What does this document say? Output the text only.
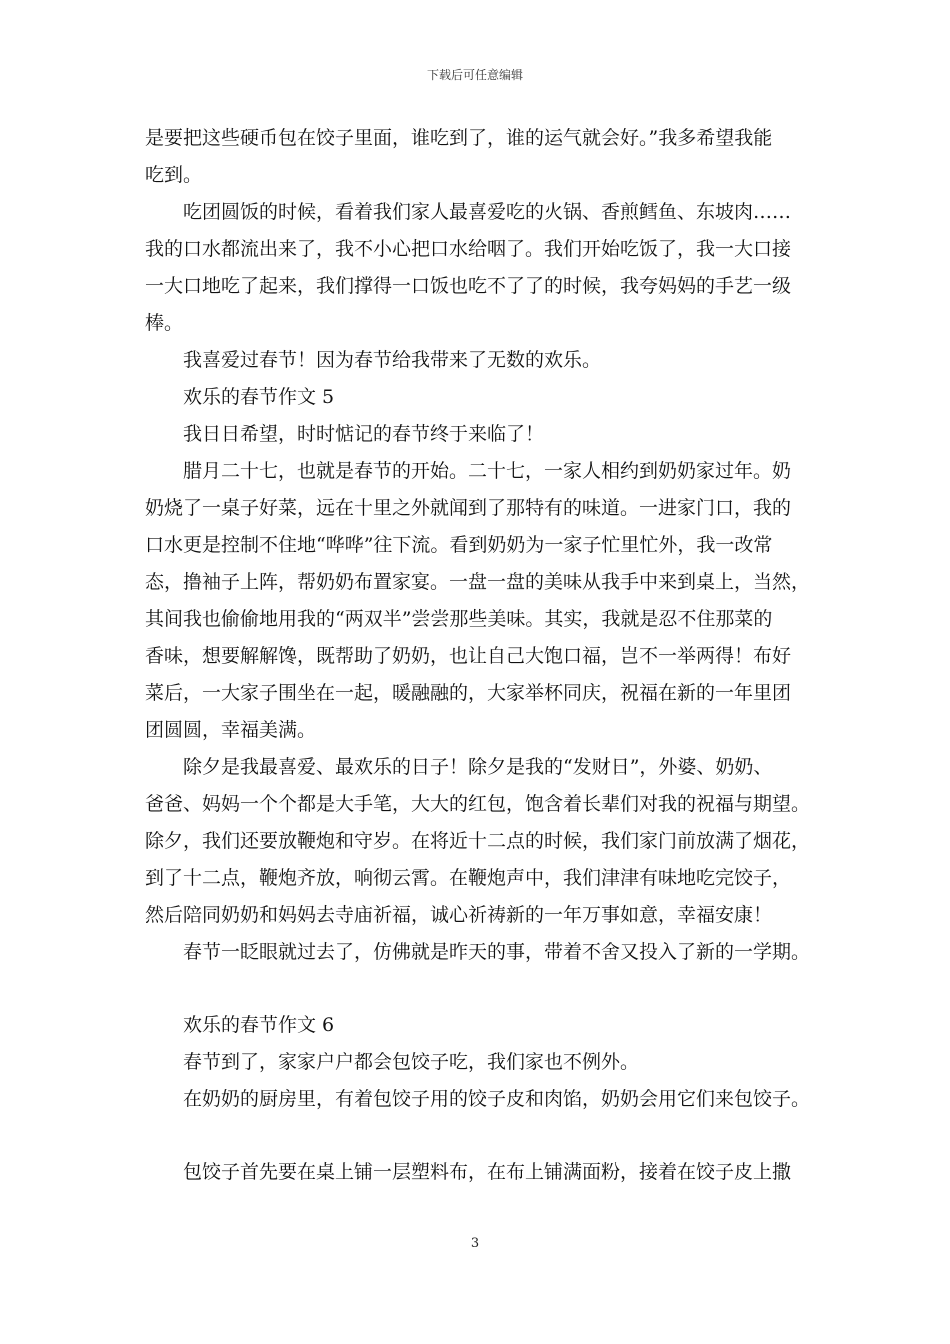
下载后可任意编辑
是要把这些硬币包在饺子里面，谁吃到了，谁的运气就会好。”我多希望我能
吃到。
吃团圆饭的时候，看着我们家人最喜爱吃的火锅、香煎鳕鱼、东坡肉……
我的口水都流出来了，我不小心把口水给咽了。我们开始吃饭了，我一大口接
一大口地吃了起来，我们撑得一口饭也吃不了了的时候，我夸妈妈的手艺一级
棒。
我喜爱过春节！因为春节给我带来了无数的欢乐。
欢乐的春节作文 5
我日日希望，时时惦记的春节终于来临了！
腊月二十七，也就是春节的开始。二十七，一家人相约到奶奶家过年。奶
奶烧了一桌子好菜，远在十里之外就闻到了那特有的味道。一进家门口，我的
口水更是控制不住地“哗哗”往下流。看到奶奶为一家子忙里忙外，我一改常
态，撸袖子上阵，帮奶奶布置家宴。一盘一盘的美味从我手中来到桌上，当然，
其间我也偷偷地用我的“两双半”尝尝那些美味。其实，我就是忍不住那菜的
香味，想要解解馋，既帮助了奶奶，也让自己大饱口福，岂不一举两得！布好
菜后，一大家子围坐在一起，暖融融的，大家举杯同庆，祝福在新的一年里团
团圆圆，幸福美满。
除夕是我最喜爱、最欢乐的日子！除夕是我的“发财日”，外婆、奶奶、
爸爸、妈妈一个个都是大手笔，大大的红包，饱含着长辈们对我的祝福与期望。
除夕，我们还要放鞭炮和守岁。在将近十二点的时候，我们家门前放满了烟花，
到了十二点，鞭炮齐放，响彻云霄。在鞭炮声中，我们津津有味地吃完饺子，
然后陪同奶奶和妈妈去寺庙祈福，诚心祈祷新的一年万事如意，幸福安康！
春节一眨眼就过去了，仿佛就是昨天的事，带着不舍又投入了新的一学期。
欢乐的春节作文 6
春节到了，家家户户都会包饺子吃，我们家也不例外。
在奶奶的厨房里，有着包饺子用的饺子皮和肉馅，奶奶会用它们来包饺子。
包饺子首先要在桌上铺一层塑料布，在布上铺满面粉，接着在饺子皮上撒
3
